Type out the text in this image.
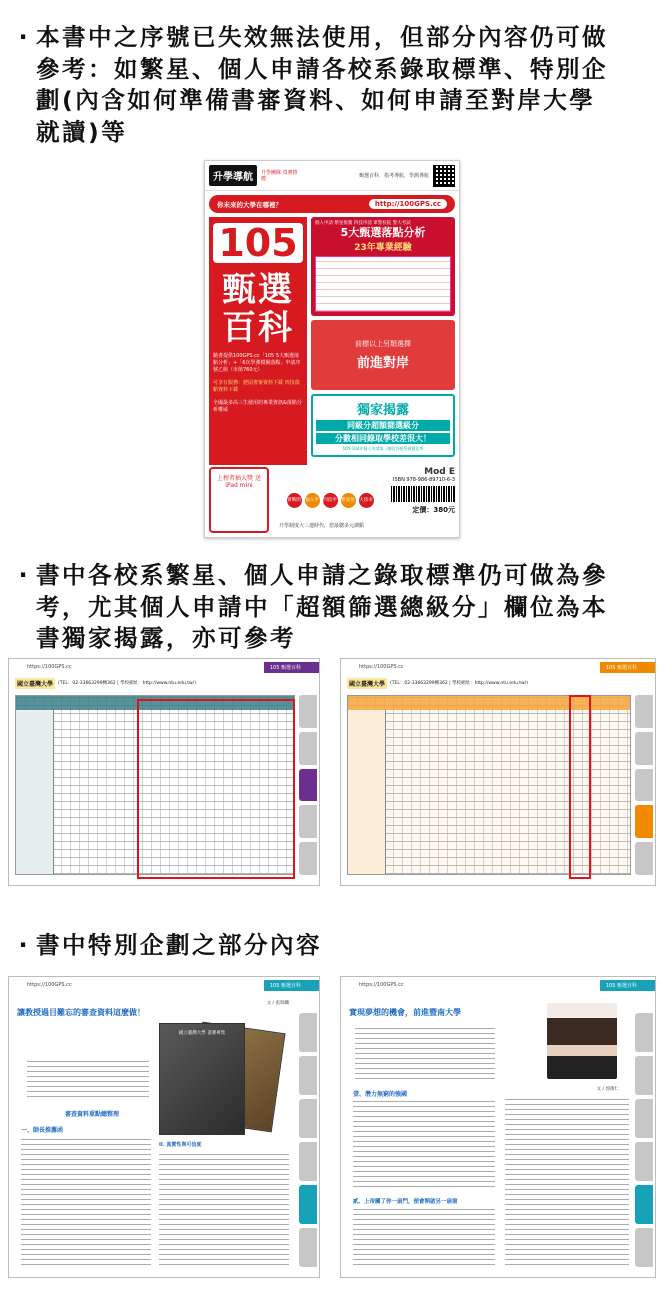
· 本書中之序號已失效無法使用，但部分內容仍可做
參考：如繁星、個人申請各校系錄取標準、特別企
劃(內含如何準備書審資料、如何申請至對岸大學
就讀)等
升學導航	升學團隊 真實推薦	甄選百科．指考導航．學測導航
你未來的大學在哪裡？	http://100GPS.cc
105
甄選
百科
隨書提供100GPS.cc「105 5大甄選落點分析」+「6次學測模擬落點」申請序號乙組（市值760元）
可享有服務：歷屆書審資料下載 四技落點資料下載
全國最多高三生使用的專業資訊&落點分析權威
個人申請 繁星推薦 四技申請 軍警校院 警大考試
5大甄選落點分析
23年專業經驗
前標以上另類選擇
前進對岸
獨家揭露
同級分超額篩選級分
分數相同錄取學校差很大！
105-104年個人申請第一階段各校系篩選倍率
上榜者抽大獎 送iPad mini
實戰開發
個人申請
四技申請
繁星推薦
大陸來台
Mod E
ISBN 978-986-89710-6-3
定價：380元
升學制度大三連時代，您最聰多元調點
· 書中各校系繁星、個人申請之錄取標準仍可做為參
考，尤其個人申請中「超額篩選總級分」欄位為本
書獨家揭露，亦可參考
https://100GPS.cc	105 甄選百科
國立臺灣大學	(TEL：02-33663299轉362 | 學校網址：http://www.ntu.edu.tw/)
https://100GPS.cc	105 甄選百科
國立臺灣大學	(TEL：02-33663299轉362 | 學校網址：http://www.ntu.edu.tw/)
· 書中特別企劃之部分內容
https://100GPS.cc	105 甄選百科
讓教授過目難忘的審查資料這麼做！
文 / 張瑞麟
國立臺灣大學 書審專集
審查資料重點總整理
一、師長推薦函
II. 真實性與可信度
https://100GPS.cc	105 甄選百科
實現夢想的機會，前進暨南大學
壹、潛力無窮的強國
貳、上帝關了你一扇門，便會開啟另一扇窗
文 / 郭俊仁
